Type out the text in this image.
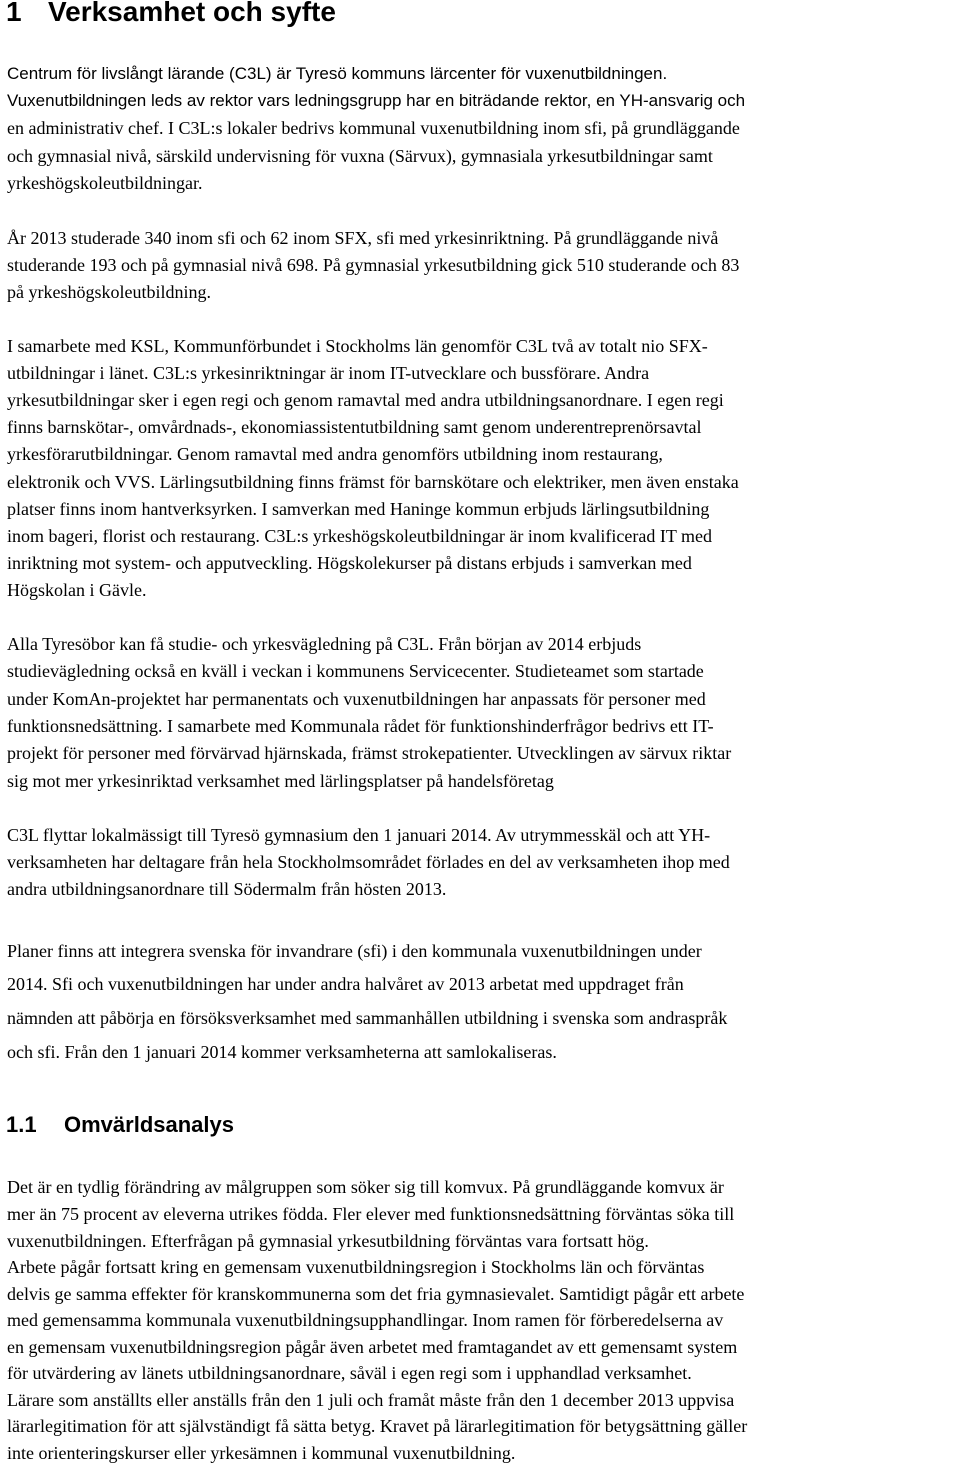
1 Verksamhet och syfte

Centrum för livslångt lärande (C3L) är Tyresö kommuns lärcenter för vuxenutbildningen.

Vuxenutbildningen leds av rektor vars ledningsgrupp har en biträdande rektor, en YH-ansvarig och

en administrativ chef. I C3L:s lokaler bedrivs kommunal vuxenutbildning inom sfi, på grundläggande

och gymnasial nivå, särskild undervisning för vuxna (Särvux), gymnasiala yrkesutbildningar samt

yrkeshögskoleutbildningar.

År 2013 studerade 340 inom sfi och 62 inom SFX, sfi med yrkesinriktning. På grundläggande nivå

studerande 193 och på gymnasial nivå 698. På gymnasial yrkesutbildning gick 510 studerande och 83

på yrkeshögskoleutbildning.

I samarbete med KSL, Kommunförbundet i Stockholms län genomför C3L två av totalt nio SFX-

utbildningar i länet. C3L:s yrkesinriktningar är inom IT-utvecklare och bussförare. Andra

yrkesutbildningar sker i egen regi och genom ramavtal med andra utbildningsanordnare. I egen regi

finns barnskötar-, omvårdnads-, ekonomiassistentutbildning samt genom underentreprenörsavtal

yrkesförarutbildningar. Genom ramavtal med andra genomförs utbildning inom restaurang,

elektronik och VVS. Lärlingsutbildning finns främst för barnskötare och elektriker, men även enstaka

platser finns inom hantverksyrken. I samverkan med Haninge kommun erbjuds lärlingsutbildning

inom bageri, florist och restaurang. C3L:s yrkeshögskoleutbildningar är inom kvalificerad IT med

inriktning mot system- och apputveckling. Högskolekurser på distans erbjuds i samverkan med

Högskolan i Gävle.

Alla Tyresöbor kan få studie- och yrkesvägledning på C3L. Från början av 2014 erbjuds

studievägledning också en kväll i veckan i kommunens Servicecenter. Studieteamet som startade

under KomAn-projektet har permanentats och vuxenutbildningen har anpassats för personer med

funktionsnedsättning. I samarbete med Kommunala rådet för funktionshinderfrågor bedrivs ett IT-

projekt för personer med förvärvad hjärnskada, främst strokepatienter. Utvecklingen av särvux riktar

sig mot mer yrkesinriktad verksamhet med lärlingsplatser på handelsföretag

C3L flyttar lokalmässigt till Tyresö gymnasium den 1 januari 2014. Av utrymmesskäl och att YH-

verksamheten har deltagare från hela Stockholmsområdet förlades en del av verksamheten ihop med

andra utbildningsanordnare till Södermalm från hösten 2013.

Planer finns att integrera svenska för invandrare (sfi) i den kommunala vuxenutbildningen under

2014. Sfi och vuxenutbildningen har under andra halvåret av 2013 arbetat med uppdraget från

nämnden att påbörja en försöksverksamhet med sammanhållen utbildning i svenska som andraspråk

och sfi. Från den 1 januari 2014 kommer verksamheterna att samlokaliseras.

1.1 Omvärldsanalys

Det är en tydlig förändring av målgruppen som söker sig till komvux. På grundläggande komvux är

mer än 75 procent av eleverna utrikes födda. Fler elever med funktionsnedsättning förväntas söka till

vuxenutbildningen. Efterfrågan på gymnasial yrkesutbildning förväntas vara fortsatt hög.

Arbete pågår fortsatt kring en gemensam vuxenutbildningsregion i Stockholms län och förväntas

delvis ge samma effekter för kranskommunerna som det fria gymnasievalet. Samtidigt pågår ett arbete

med gemensamma kommunala vuxenutbildningsupphandlingar. Inom ramen för förberedelserna av

en gemensam vuxenutbildningsregion pågår även arbetet med framtagandet av ett gemensamt system

för utvärdering av länets utbildningsanordnare, såväl i egen regi som i upphandlad verksamhet.

Lärare som anställts eller anställs från den 1 juli och framåt måste från den 1 december 2013 uppvisa

lärarlegitimation för att självständigt få sätta betyg. Kravet på lärarlegitimation för betygsättning gäller

inte orienteringskurser eller yrkesämnen i kommunal vuxenutbildning.
